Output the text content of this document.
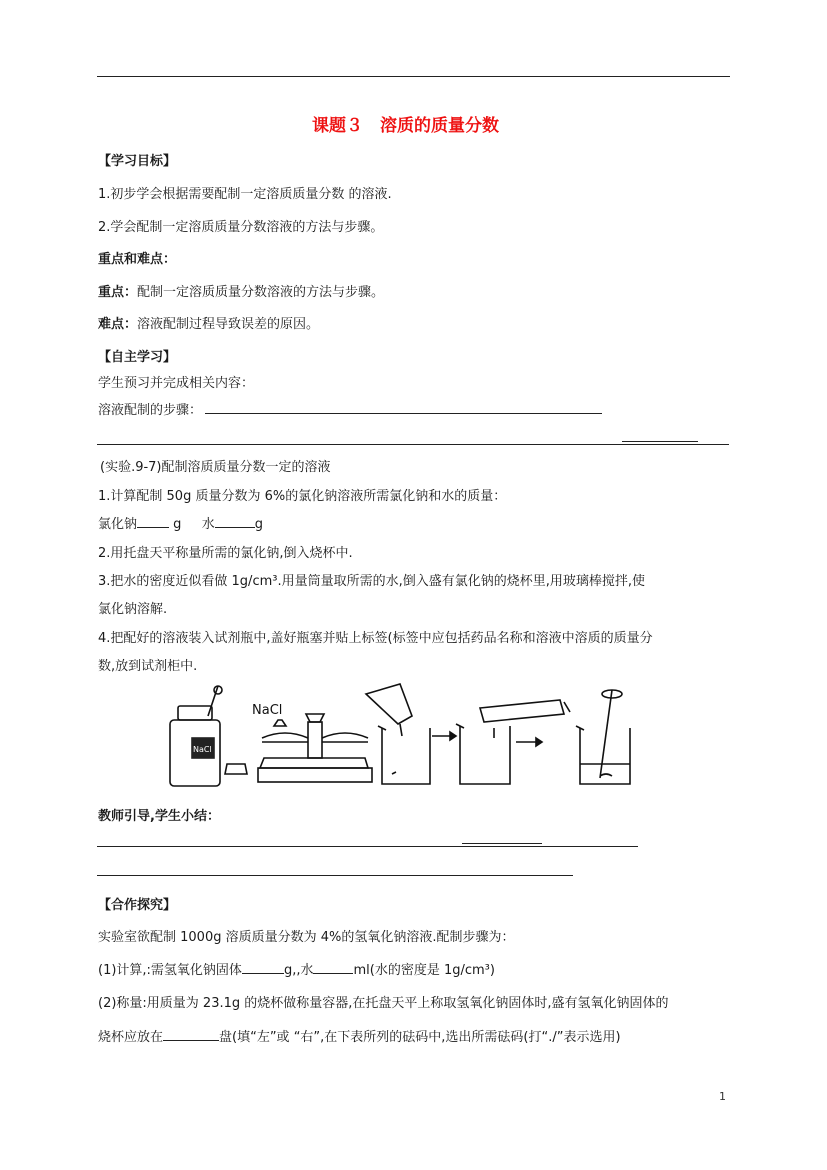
课题３　溶质的质量分数
【学习目标】
1.初步学会根据需要配制一定溶质质量分数 的溶液.
2.学会配制一定溶质质量分数溶液的方法与步骤。
重点和难点：
重点：配制一定溶质质量分数溶液的方法与步骤。
难点：溶液配制过程导致误差的原因。
【自主学习】
学生预习并完成相关内容：
溶液配制的步骤：
(实验.9-7)配制溶质质量分数一定的溶液
1.计算配制 50g 质量分数为 6%的氯化钠溶液所需氯化钠和水的质量：
氯化钠	g 水	g
2.用托盘天平称量所需的氯化钠,倒入烧杯中.
3.把水的密度近似看做 1g/cm³.用量筒量取所需的水,倒入盛有氯化钠的烧杯里,用玻璃棒搅拌,使
氯化钠溶解.
4.把配好的溶液装入试剂瓶中,盖好瓶塞并贴上标签(标签中应包括药品名称和溶液中溶质的质量分
数,放到试剂柜中.
NaCl
NaCl
教师引导,学生小结：
【合作探究】
实验室欲配制 1000g 溶质质量分数为 4%的氢氧化钠溶液.配制步骤为：
(1)计算,:需氢氧化钠固体	g,,水	ml(水的密度是 1g/cm³)
(2)称量:用质量为 23.1g 的烧杯做称量容器,在托盘天平上称取氢氧化钠固体时,盛有氢氧化钠固体的
烧杯应放在	盘(填“左”或 “右”,在下表所列的砝码中,选出所需砝码(打“./”表示选用)
1
